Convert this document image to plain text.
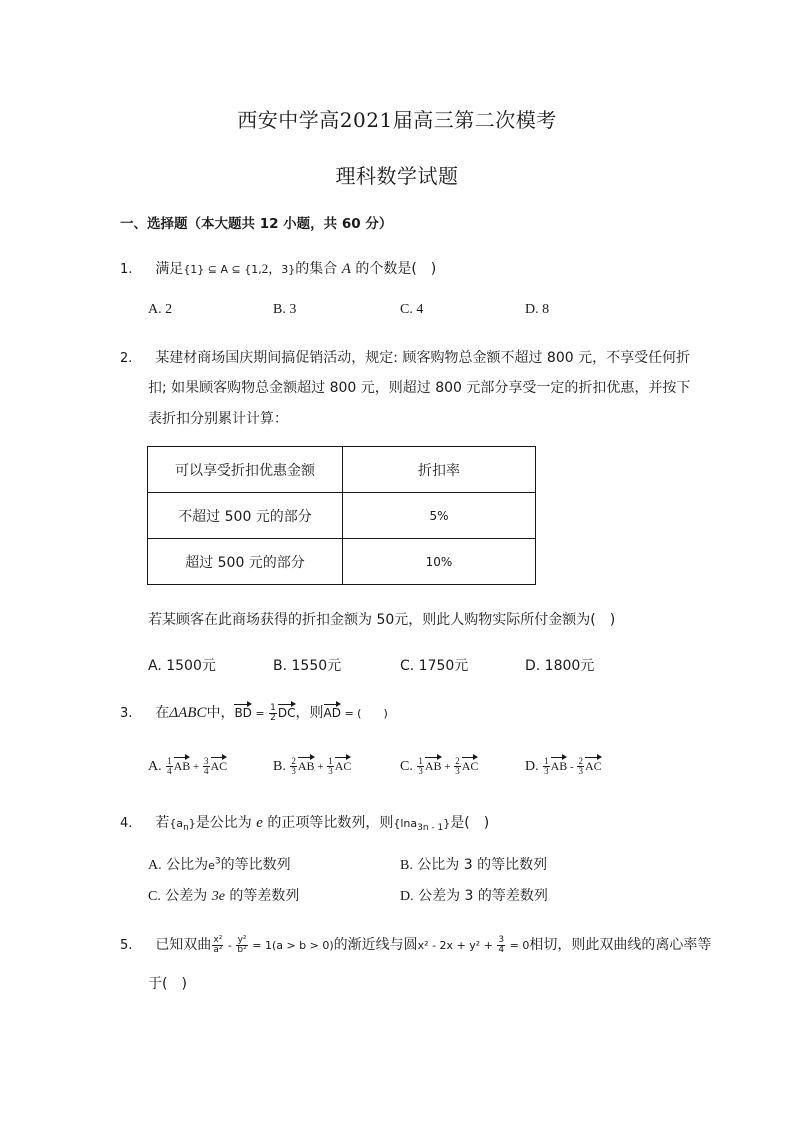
西安中学高2021届高三第二次模考
理科数学试题
一、选择题（本大题共 12 小题，共 60 分）
1. 满足{1} ⊆ A ⊆ {1,2，3}的集合 A 的个数是(　)
A. 2	B. 3	C. 4	D. 8
2. 某建材商场国庆期间搞促销活动，规定: 顾客购物总金额不超过 800 元，不享受任何折
扣; 如果顾客购物总金额超过 800 元，则超过 800 元部分享受一定的折扣优惠，并按下
表折扣分别累计计算：
可以享受折扣优惠金额	折扣率
不超过 500 元的部分	5%
超过 500 元的部分	10%
若某顾客在此商场获得的折扣金额为 50元，则此人购物实际所付金额为(　)
A. 1500元	B. 1550元	C. 1750元	D. 1800元
3. 在ΔABC中，BD = $\frac{1}{2}$ DC，则AD = (　　)
A. $\frac{1}{4}$ AB + $\frac{3}{4}$ AC	B. $\frac{2}{3}$ AB + $\frac{1}{3}$ AC	C. $\frac{1}{3}$ AB + $\frac{2}{3}$ AC	D. $\frac{1}{3}$ AB - $\frac{2}{3}$ AC
4. 若$\{a_n\}$是公比为 e 的正项等比数列，则{lna$_{3n - 1}$}是(　)
A. 公比为$e^3$的等比数列	B. 公比为 3 的等比数列
C. 公差为 3e 的等差数列	D. 公差为 3 的等差数列
5. 已知双曲 $\frac{\text{x²}}{\text{a²}} - \frac{\text{y²}}{\text{b²}} = 1(a > b > 0)$的渐近线与圆$x^2 - 2x + y^2 + \frac{3}{4} = 0$相切，则此双曲线的离心率等
于(　)
